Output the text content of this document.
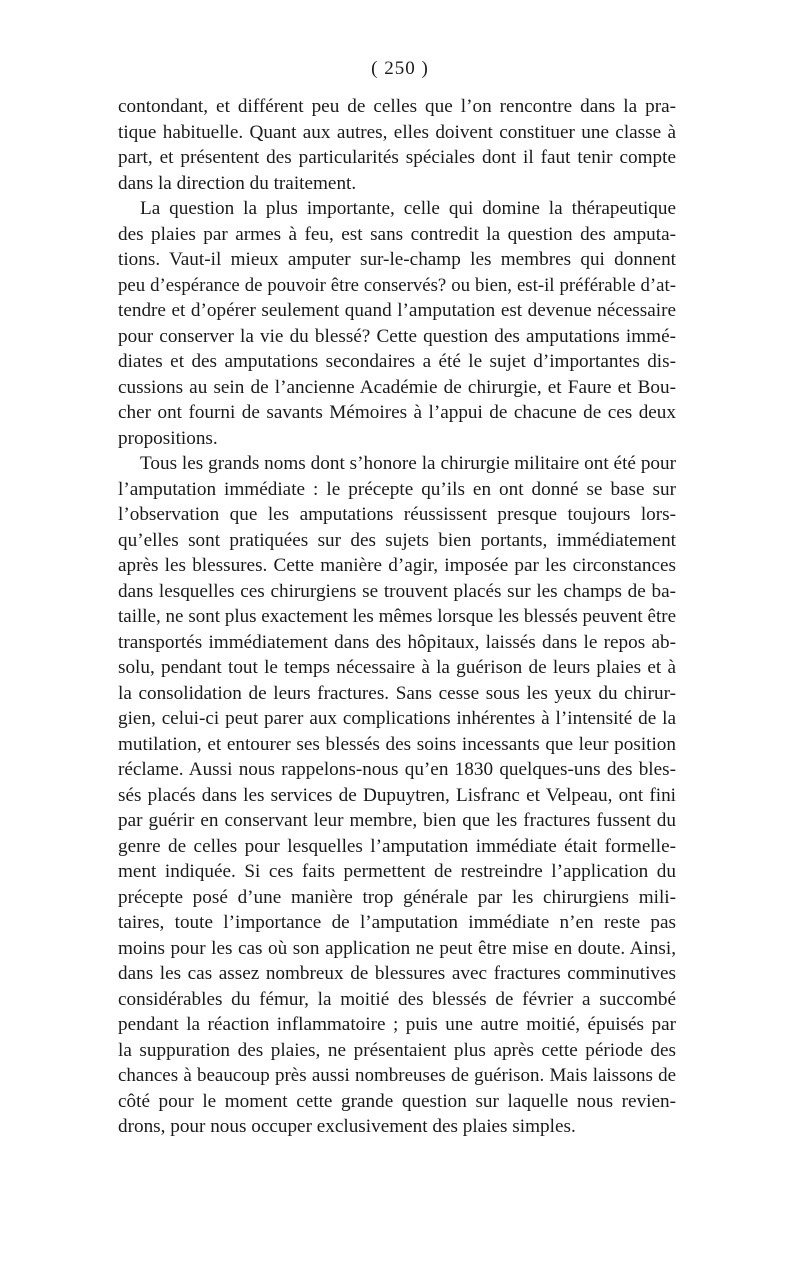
( 250 )
contondant, et différent peu de celles que l’on rencontre dans la pra-
tique habituelle. Quant aux autres, elles doivent constituer une classe à
part, et présentent des particularités spéciales dont il faut tenir compte
dans la direction du traitement.
La question la plus importante, celle qui domine la thérapeutique
des plaies par armes à feu, est sans contredit la question des amputa-
tions. Vaut-il mieux amputer sur-le-champ les membres qui donnent
peu d’espérance de pouvoir être conservés? ou bien, est-il préférable d’at-
tendre et d’opérer seulement quand l’amputation est devenue nécessaire
pour conserver la vie du blessé? Cette question des amputations immé-
diates et des amputations secondaires a été le sujet d’importantes dis-
cussions au sein de l’ancienne Académie de chirurgie, et Faure et Bou-
cher ont fourni de savants Mémoires à l’appui de chacune de ces deux
propositions.
Tous les grands noms dont s’honore la chirurgie militaire ont été pour
l’amputation immédiate : le précepte qu’ils en ont donné se base sur
l’observation que les amputations réussissent presque toujours lors-
qu’elles sont pratiquées sur des sujets bien portants, immédiatement
après les blessures. Cette manière d’agir, imposée par les circonstances
dans lesquelles ces chirurgiens se trouvent placés sur les champs de ba-
taille, ne sont plus exactement les mêmes lorsque les blessés peuvent être
transportés immédiatement dans des hôpitaux, laissés dans le repos ab-
solu, pendant tout le temps nécessaire à la guérison de leurs plaies et à
la consolidation de leurs fractures. Sans cesse sous les yeux du chirur-
gien, celui-ci peut parer aux complications inhérentes à l’intensité de la
mutilation, et entourer ses blessés des soins incessants que leur position
réclame. Aussi nous rappelons-nous qu’en 1830 quelques-uns des bles-
sés placés dans les services de Dupuytren, Lisfranc et Velpeau, ont fini
par guérir en conservant leur membre, bien que les fractures fussent du
genre de celles pour lesquelles l’amputation immédiate était formelle-
ment indiquée. Si ces faits permettent de restreindre l’application du
précepte posé d’une manière trop générale par les chirurgiens mili-
taires, toute l’importance de l’amputation immédiate n’en reste pas
moins pour les cas où son application ne peut être mise en doute. Ainsi,
dans les cas assez nombreux de blessures avec fractures comminutives
considérables du fémur, la moitié des blessés de février a succombé
pendant la réaction inflammatoire ; puis une autre moitié, épuisés par
la suppuration des plaies, ne présentaient plus après cette période des
chances à beaucoup près aussi nombreuses de guérison. Mais laissons de
côté pour le moment cette grande question sur laquelle nous revien-
drons, pour nous occuper exclusivement des plaies simples.
